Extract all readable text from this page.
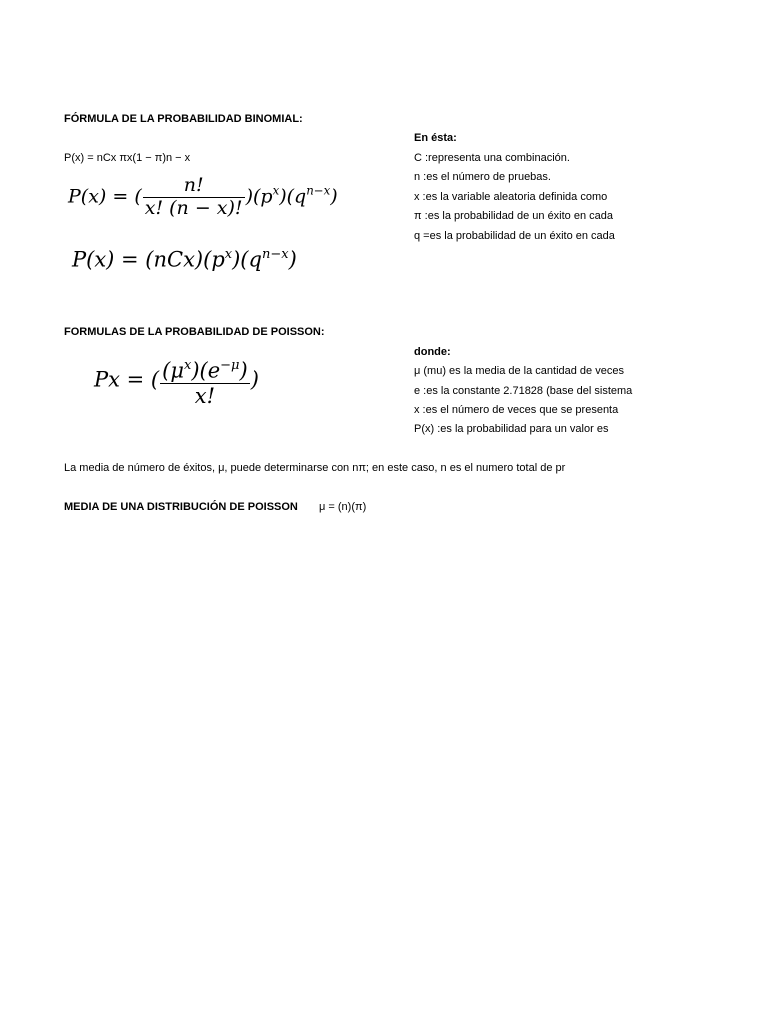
FÓRMULA DE LA PROBABILIDAD BINOMIAL:
P(x) = nCx πx(1 − π)n − x
P(x) = ( $\frac{n!}{x! (n - x)!} )(p^x)(q^{n-x})$
$P(x) = (nCx)(p^x)(q^{n-x})$
En ésta:
C :representa una combinación.
n :es el número de pruebas.
x :es la variable aleatoria definida como
π :es la probabilidad de un éxito en cada
q =es la probabilidad de un éxito en cada
FORMULAS DE LA PROBABILIDAD DE POISSON:
Px = ( $\frac{(\mu^x)(e^{-\mu})}{x!}$ )
donde:
μ (mu) es la media de la cantidad de veces
e :es la constante 2.71828 (base del sistema
x :es el número de veces que se presenta
P(x) :es la probabilidad para un valor es
La media de número de éxitos, μ, puede determinarse con nπ; en este caso, n es el numero total de pr
MEDIA DE UNA DISTRIBUCIÓN DE POISSON μ = (n)(π)
